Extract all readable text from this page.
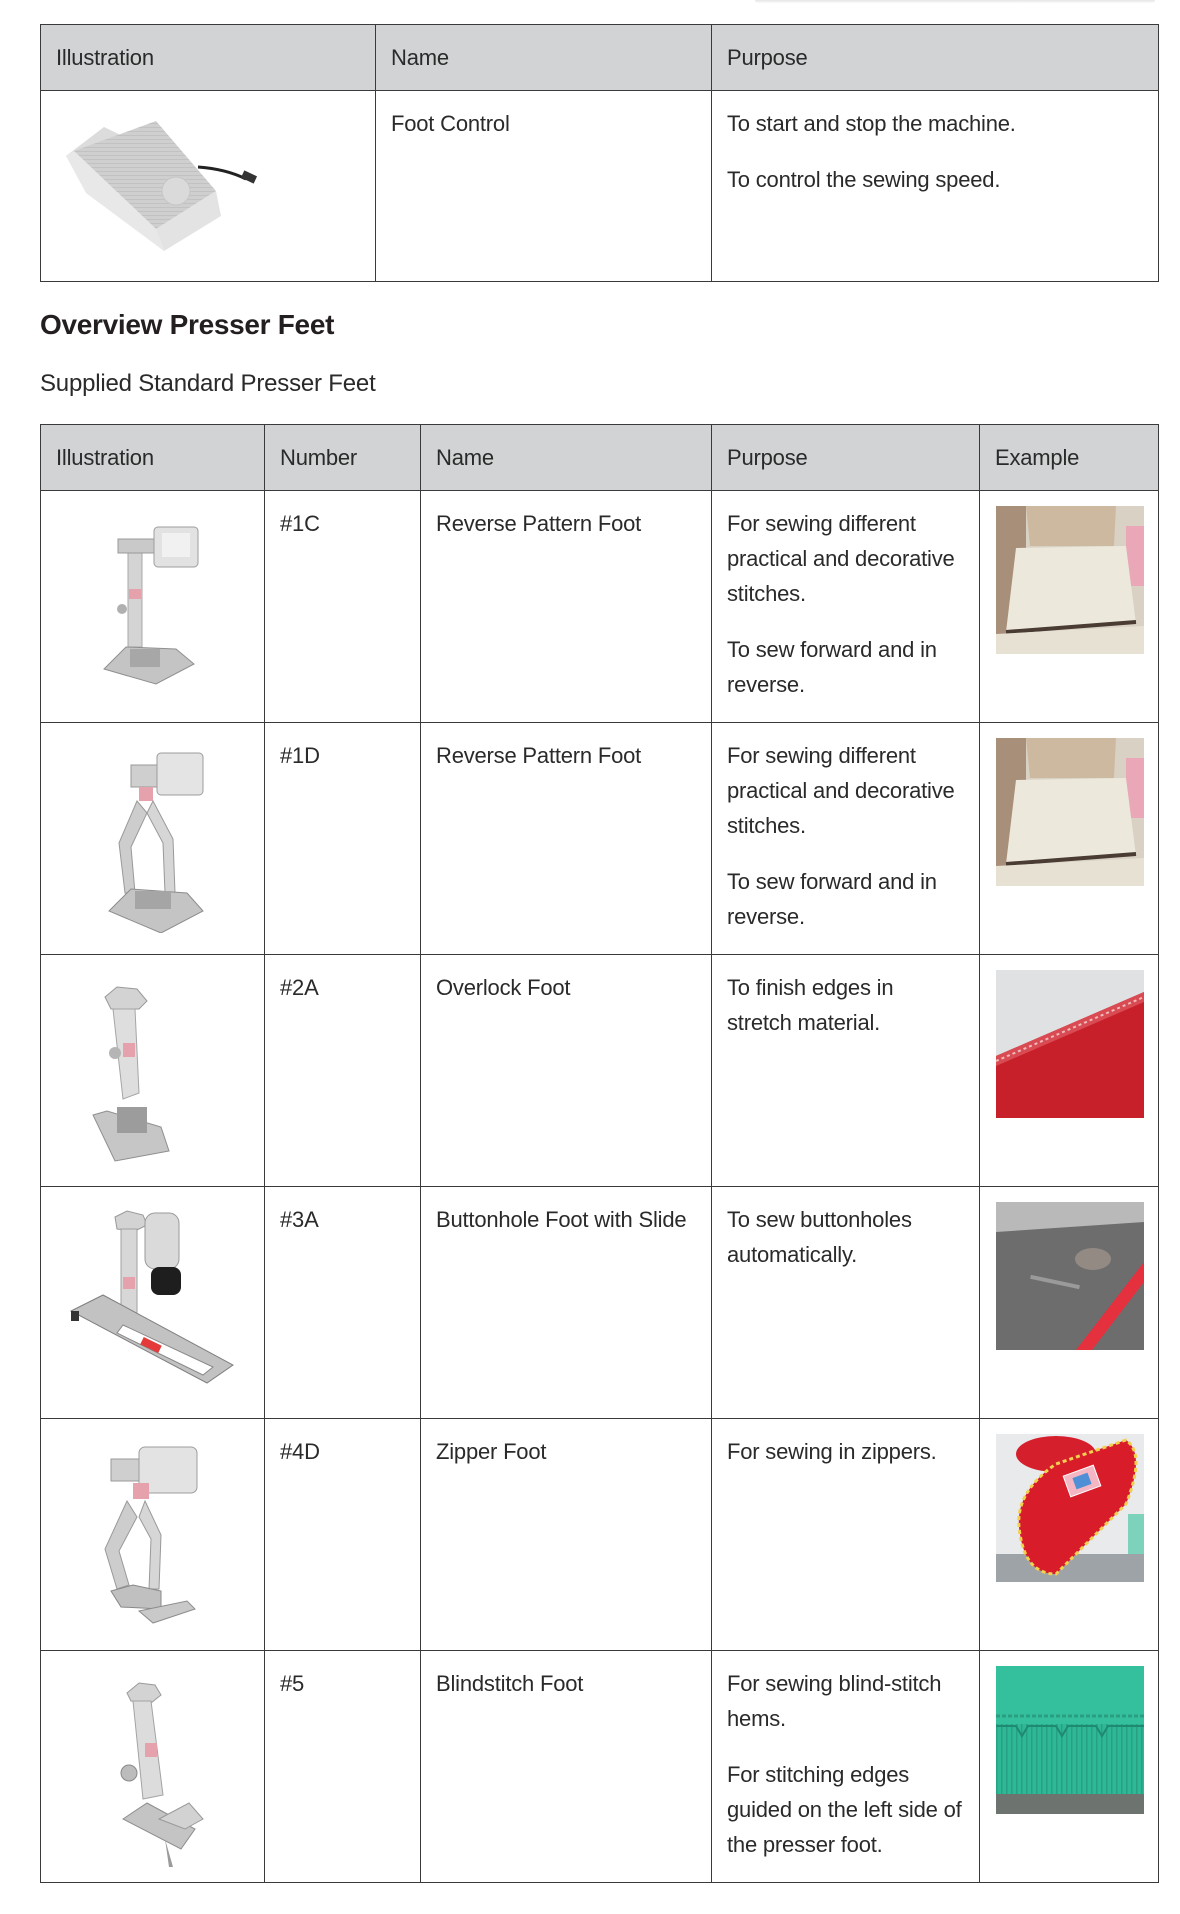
Illustration	Name	Purpose

Foot Control	To start and stop the machine.

To control the sewing speed.

Overview Presser Feet
Supplied Standard Presser Feet
Illustration	Number	Name	Purpose	Example

#1C	Reverse Pattern Foot	For sewing different practical and decorative stitches.

To sew forward and in reverse.

#1D	Reverse Pattern Foot	For sewing different practical and decorative stitches.

To sew forward and in reverse.

#2A	Overlock Foot	To finish edges in stretch material.

#3A	Buttonhole Foot with Slide	To sew buttonholes automatically.

#4D	Zipper Foot	For sewing in zippers.

#5	Blindstitch Foot	For sewing blind-stitch hems.

For stitching edges guided on the left side of the presser foot.
